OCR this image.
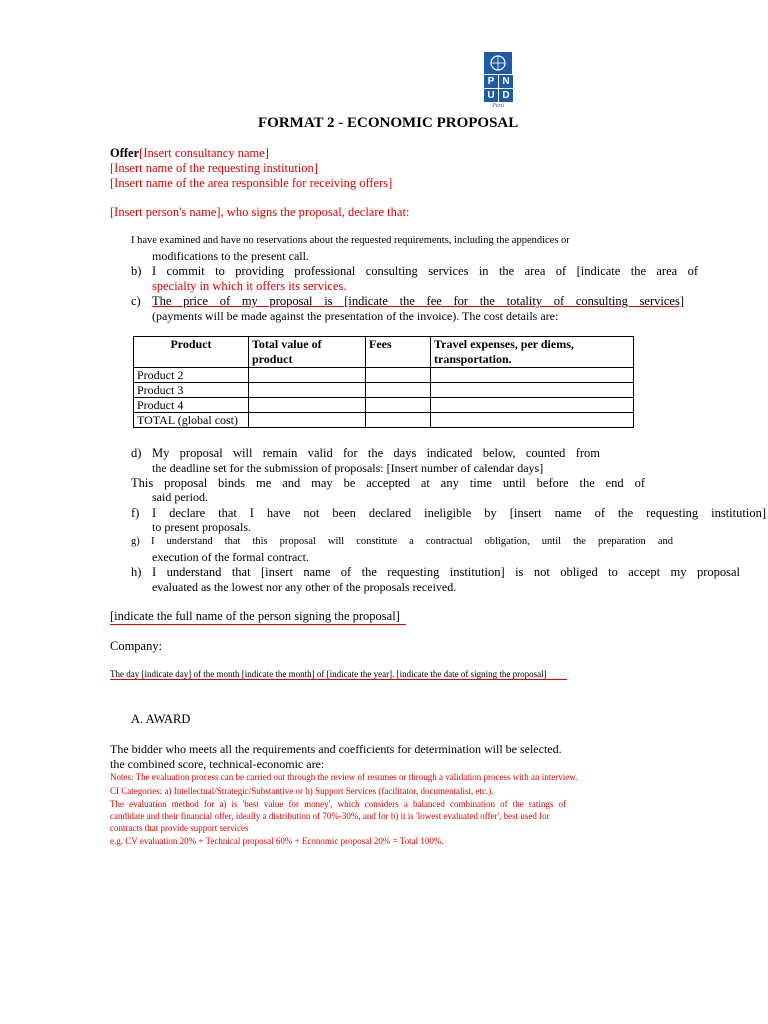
P N
U D
Perú
FORMAT 2 - ECONOMIC PROPOSAL
Offer[Insert consultancy name]
[Insert name of the requesting institution]
[Insert name of the area responsible for receiving offers]
[Insert person's name], who signs the proposal, declare that:
I have examined and have no reservations about the requested requirements, including the appendices or
modifications to the present call.
b) I commit to providing professional consulting services in the area of [indicate the area of
specialty in which it offers its services.
c) The price of my proposal is [indicate the fee for the totality of consulting services]
(payments will be made against the presentation of the invoice). The cost details are:
Product	Total value of product	Fees	Travel expenses, per diems, transportation.
Product 2			
Product 3			
Product 4			
TOTAL (global cost)			
d) My proposal will remain valid for the days indicated below, counted from
the deadline set for the submission of proposals: [Insert number of calendar days]
This proposal binds me and may be accepted at any time until before the end of
said period.
f) I declare that I have not been declared ineligible by [insert name of the requesting institution]
to present proposals.
g) I understand that this proposal will constitute a contractual obligation, until the preparation and
execution of the formal contract.
h) I understand that [insert name of the requesting institution] is not obliged to accept my proposal
evaluated as the lowest nor any other of the proposals received.
[indicate the full name of the person signing the proposal]
Company:
The day [indicate day] of the month [indicate the month] of [indicate the year]. [indicate the date of signing the proposal]
A. AWARD
The bidder who meets all the requirements and coefficients for determination will be selected.
the combined score, technical-economic are:
Notes: The evaluation process can be carried out through the review of resumes or through a validation process with an interview.
CI Categories: a) Intellectual/Strategic/Substantive or b) Support Services (facilitator, documentalist, etc.).
The evaluation method for a) is 'best value for money', which considers a balanced combination of the ratings of
candidate and their financial offer, ideally a distribution of 70%-30%, and for b) it is 'lowest evaluated offer', best used for
contracts that provide support services
e.g. CV evaluation 20% + Technical proposal 60% + Economic proposal 20% = Total 100%.
